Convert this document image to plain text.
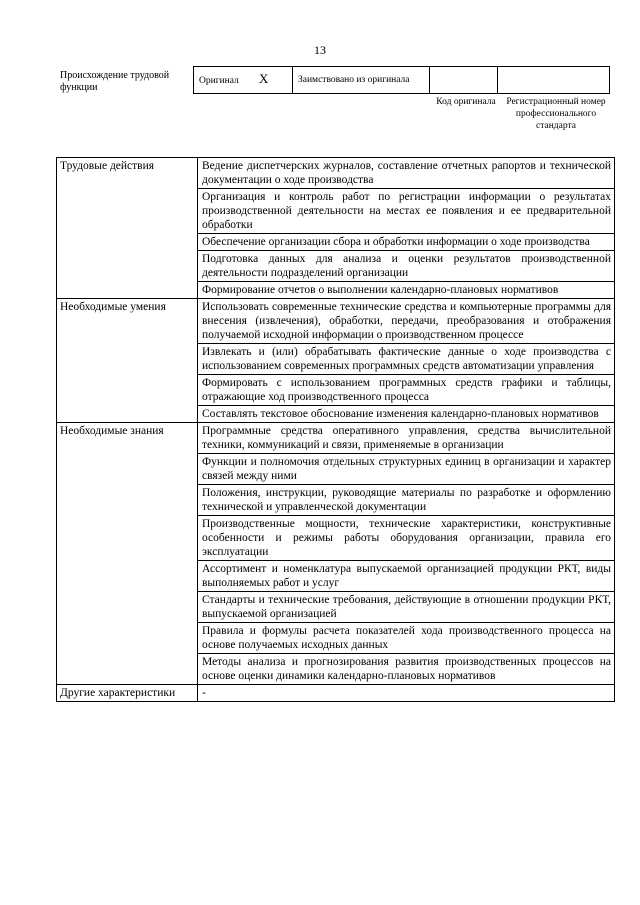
13
Происхождение трудовой функции
Оригинал X	Заимствовано из оригинала		
Код оригинала	Регистрационный номер профессионального стандарта
Трудовые действия	Ведение диспетчерских журналов, составление отчетных рапортов и технической документации о ходе производства
	Организация и контроль работ по регистрации информации о результатах производственной деятельности на местах ее появления и ее предварительной обработки
	Обеспечение организации сбора и обработки информации о ходе производства
	Подготовка данных для анализа и оценки результатов производственной деятельности подразделений организации
	Формирование отчетов о выполнении календарно-плановых нормативов
Необходимые умения	Использовать современные технические средства и компьютерные программы для внесения (извлечения), обработки, передачи, преобразования и отображения получаемой исходной информации о производственном процессе
	Извлекать и (или) обрабатывать фактические данные о ходе производства с использованием современных программных средств автоматизации управления
	Формировать с использованием программных средств графики и таблицы, отражающие ход производственного процесса
	Составлять текстовое обоснование изменения календарно-плановых нормативов
Необходимые знания	Программные средства оперативного управления, средства вычислительной техники, коммуникаций и связи, применяемые в организации
	Функции и полномочия отдельных структурных единиц в организации и характер связей между ними
	Положения, инструкции, руководящие материалы по разработке и оформлению технической и управленческой документации
	Производственные мощности, технические характеристики, конструктивные особенности и режимы работы оборудования организации, правила его эксплуатации
	Ассортимент и номенклатура выпускаемой организацией продукции РКТ, виды выполняемых работ и услуг
	Стандарты и технические требования, действующие в отношении продукции РКТ, выпускаемой организацией
	Правила и формулы расчета показателей хода производственного процесса на основе получаемых исходных данных
	Методы анализа и прогнозирования развития производственных процессов на основе оценки динамики календарно-плановых нормативов
Другие характеристики	-
